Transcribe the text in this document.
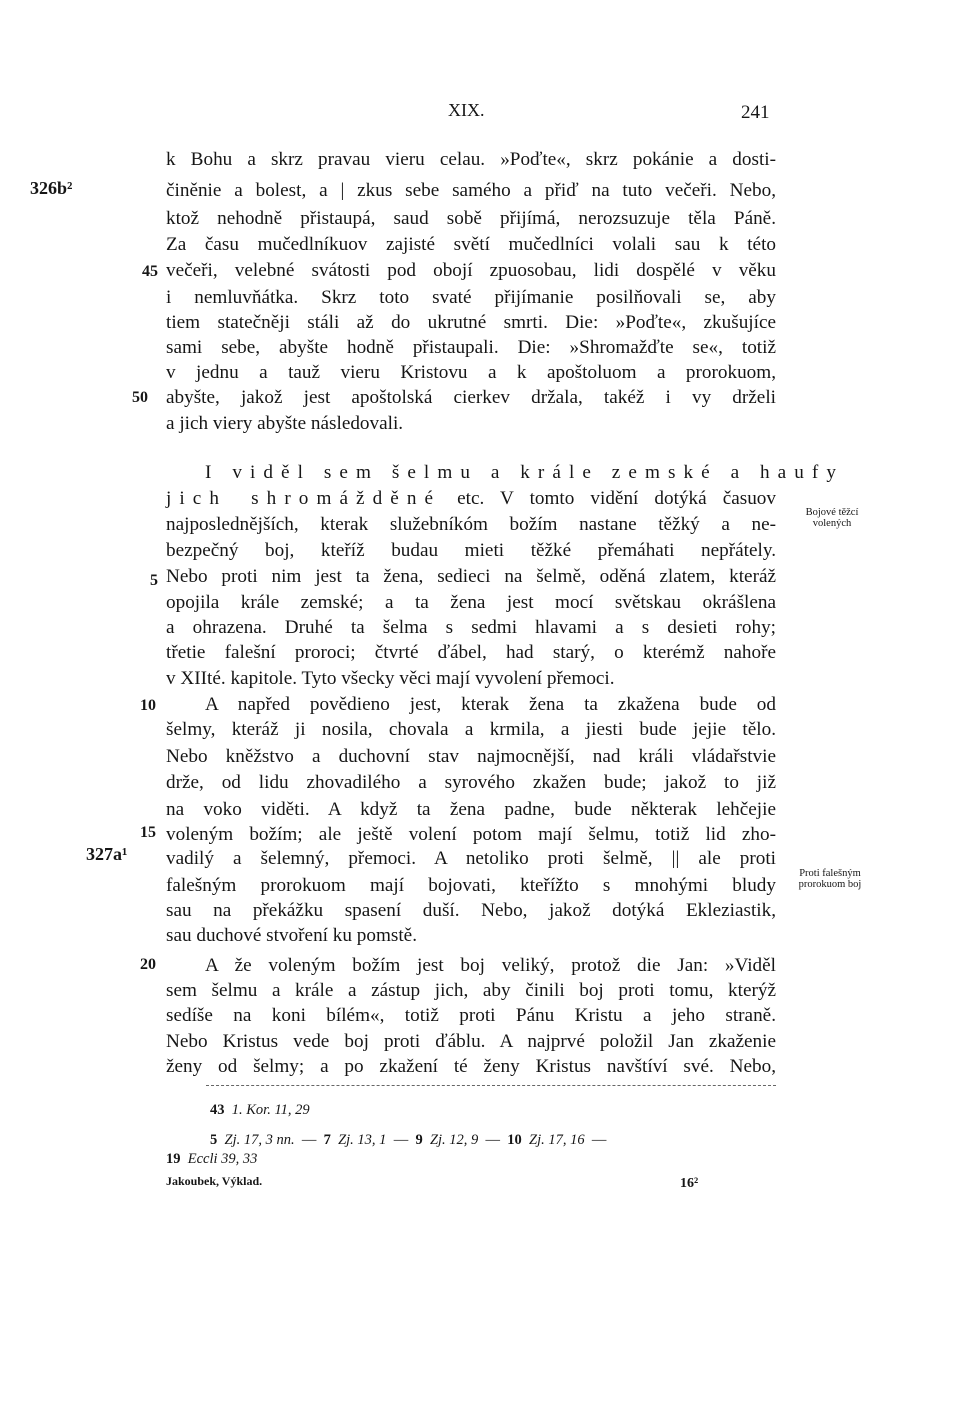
XIX.	241
326b²
327a¹
Bojové těžcí volených
Proti falešným prorokuom boj
45
50
5
10
15
20
k Bohu a skrz pravau vieru celau. »Poďte«, skrz pokánie a dosti-
činěnie a bolest, a | zkus sebe samého a přiď na tuto večeři. Nebo,
ktož nehodně přistaupá, saud sobě přijímá, nerozsuzuje těla Páně.
Za času mučedlníkuov zajisté světí mučedlníci volali sau k této
večeři, velebné svátosti pod obojí zpuosobau, lidi dospělé v věku
i nemluvňátka. Skrz toto svaté přijímanie posilňovali se, aby
tiem statečněji stáli až do ukrutné smrti. Die: »Poďte«, zkušujíce
sami sebe, abyšte hodně přistaupali. Die: »Shromažďte se«, totiž
v jednu a tauž vieru Kristovu a k apoštoluom a prorokuom,
abyšte, jakož jest apoštolská cierkev držala, takéž i vy drželi
a jich viery abyšte následovali.
I viděl sem šelmu a krále zemské a haufy
jich shromážděné etc. V tomto vidění dotýká časuov
najposlednějších, kterak služebníkóm božím nastane těžký a ne-
bezpečný boj, kteříž budau mieti těžké přemáhati nepřátely.
Nebo proti nim jest ta žena, sedieci na šelmě, oděná zlatem, kteráž
opojila krále zemské; a ta žena jest mocí světskau okrášlena
a ohrazena. Druhé ta šelma s sedmi hlavami a s desieti rohy;
třetie falešní proroci; čtvrté ďábel, had starý, o kterémž nahoře
v XIIté. kapitole. Tyto všecky věci mají vyvolení přemoci.
A napřed povědieno jest, kterak žena ta zkažena bude od
šelmy, kteráž ji nosila, chovala a krmila, a jiesti bude jejie tělo.
Nebo kněžstvo a duchovní stav najmocnější, nad králi vládařstvie
drže, od lidu zhovadilého a syrového zkažen bude; jakož to již
na voko viděti. A když ta žena padne, bude některak lehčejie
voleným božím; ale ještě volení potom mají šelmu, totiž lid zho-
vadilý a šelemný, přemoci. A netoliko proti šelmě, || ale proti
falešným prorokuom mají bojovati, kteřížto s mnohými bludy
sau na překážku spasení duší. Nebo, jakož dotýká Ekleziastik,
sau duchové stvoření ku pomstě.
A že voleným božím jest boj veliký, protož die Jan: »Viděl
sem šelmu a krále a zástup jich, aby činili boj proti tomu, kterýž
sedíše na koni bílém«, totiž proti Pánu Kristu a jeho straně.
Nebo Kristus vede boj proti ďáblu. A najprvé položil Jan zkaženie
ženy od šelmy; a po zkažení té ženy Kristus navštíví své. Nebo,
43 1. Kor. 11, 29
5 Zj. 17, 3 nn.  —  7 Zj. 13, 1  —  9 Zj. 12, 9  —  10 Zj. 17, 16  —
19 Eccli 39, 33
Jakoubek, Výklad.	16²
